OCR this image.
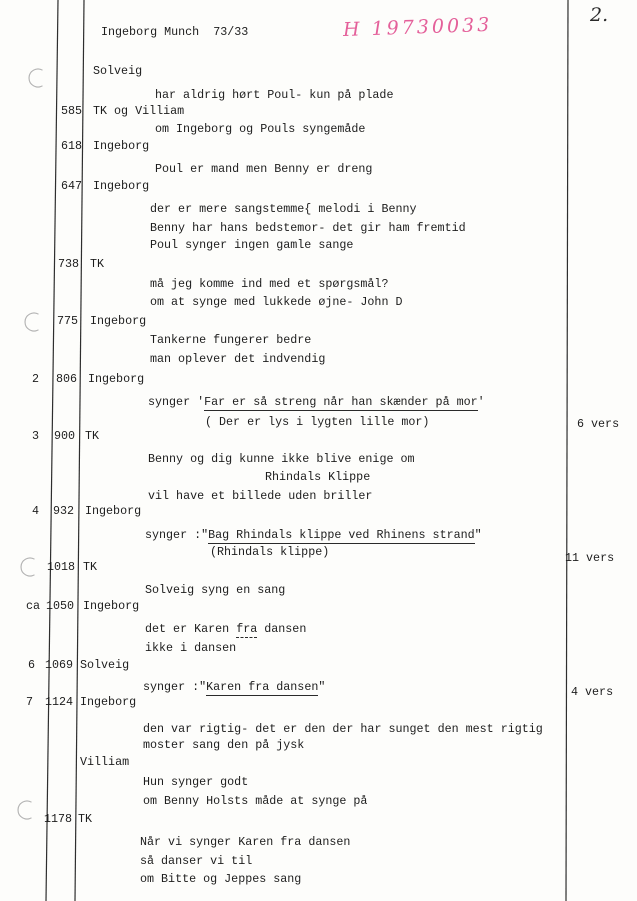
Ingeborg Munch  73/33	H 19730033	2.
Solveig
har aldrig hørt Poul- kun på plade
585 TK og Villiam
om Ingeborg og Pouls syngemåde
618 Ingeborg
Poul er mand men Benny er dreng
647 Ingeborg
der er mere sangstemme{ melodi i Benny
Benny har hans bedstemor- det gir ham fremtid
Poul synger ingen gamle sange
738 TK
må jeg komme ind med et spørgsmål?
om at synge med lukkede øjne- John D
775 Ingeborg
Tankerne fungerer bedre
man oplever det indvendig
2 806 Ingeborg
synger 'Far er så streng når han skænder på mor'
( Der er lys i lygten lille mor)	6 vers
3 900 TK
Benny og dig kunne ikke blive enige om
Rhindals Klippe
vil have et billede uden briller
4 932 Ingeborg
synger :"Bag Rhindals klippe ved Rhinens strand"
(Rhindals klippe)	11 vers
1018 TK
Solveig syng en sang
ca 1050 Ingeborg
det er Karen fra dansen
ikke i dansen
6 1069 Solveig
synger :"Karen fra dansen"	4 vers
7 1124 Ingeborg
den var rigtig- det er den der har sunget den mest rigtig
moster sang den på jysk
Villiam
Hun synger godt
om Benny Holsts måde at synge på
1178 TK
Når vi synger Karen fra dansen
så danser vi til
om Bitte og Jeppes sang
